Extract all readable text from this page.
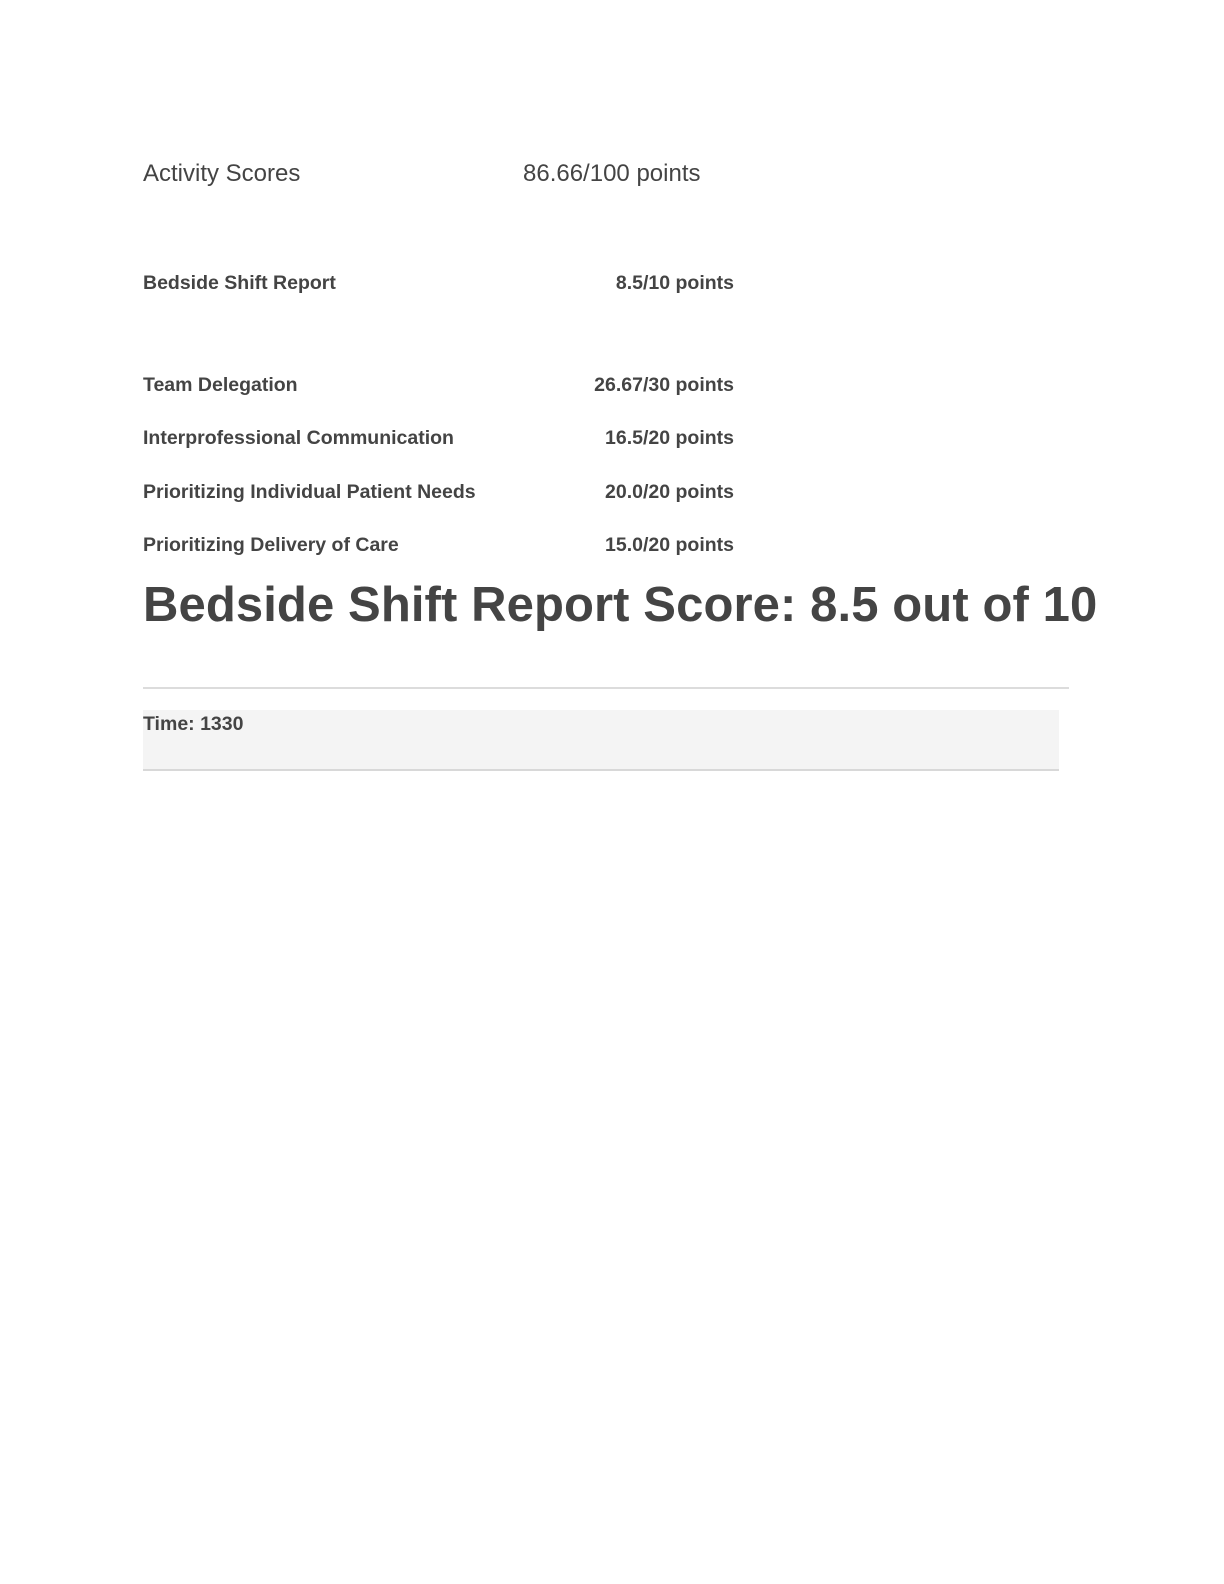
Activity Scores	86.66/100 points
Bedside Shift Report	8.5/10 points
Team Delegation	26.67/30 points
Interprofessional Communication	16.5/20 points
Prioritizing Individual Patient Needs	20.0/20 points
Prioritizing Delivery of Care	15.0/20 points
Bedside Shift Report Score: 8.5 out of 10
Time: 1330
